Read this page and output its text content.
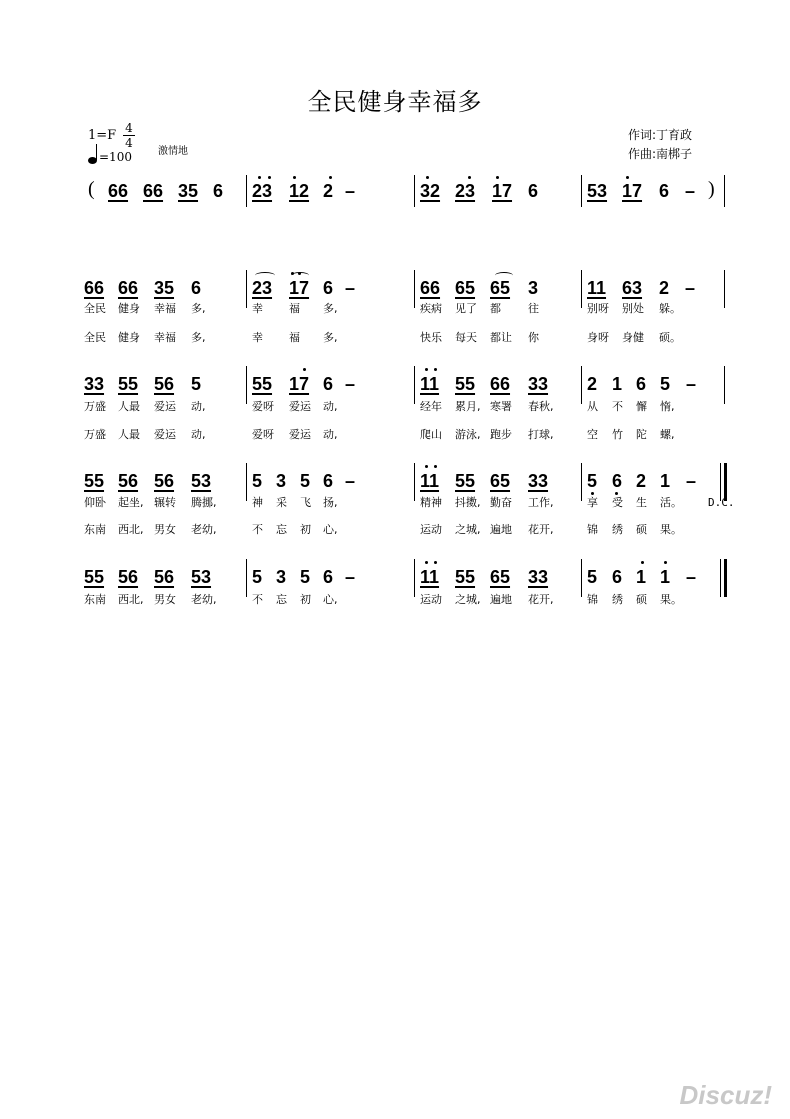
全民健身幸福多
1=F 4
4
=100	激情地
作词:丁育政
作曲:南梆子
( 66 66 35 6 23 12 2 –	32 23 17 6	53 17 6 – )
66 66 35 6	23 17 6 –	66 65 65 3	11 63 2 –
全民 健身 幸福 多,	幸 福 多,	疾病 见了 都 往	别呀 别处 躲。
全民 健身 幸福 多,	幸 福 多,	快乐 每天 都让 你	身呀 身健 硕。
33 55 56 5	55 17 6 –	11 55 66 33 2 1 6 5 –
万盛 人最 爱运 动,	爱呀 爱运 动,	经年 累月, 寒署 春秋,	从 不 懈 惰,
万盛 人最 爱运 动,	爱呀 爱运 动,	爬山 游泳, 跑步 打球,	空 竹 陀 螺,
55 56 56 53 5 3 5 6 –	11 55 65 33 5 6 2 1 –
仰卧 起坐, 辗转 腾挪,	神 采 飞 扬,	精神 抖擞, 勤奋 工作,	享 受 生 活。
东南 西北, 男女 老幼,	不 忘 初 心,	运动 之城, 遍地 花开,	锦 绣 硕 果。
55 56 56 53 5 3 5 6 –	11 55 65 33 5 6 1 1 –
东南 西北, 男女 老幼,	不 忘 初 心,	运动 之城, 遍地 花开,	锦 绣 硕 果。
D.C.
Discuz!
